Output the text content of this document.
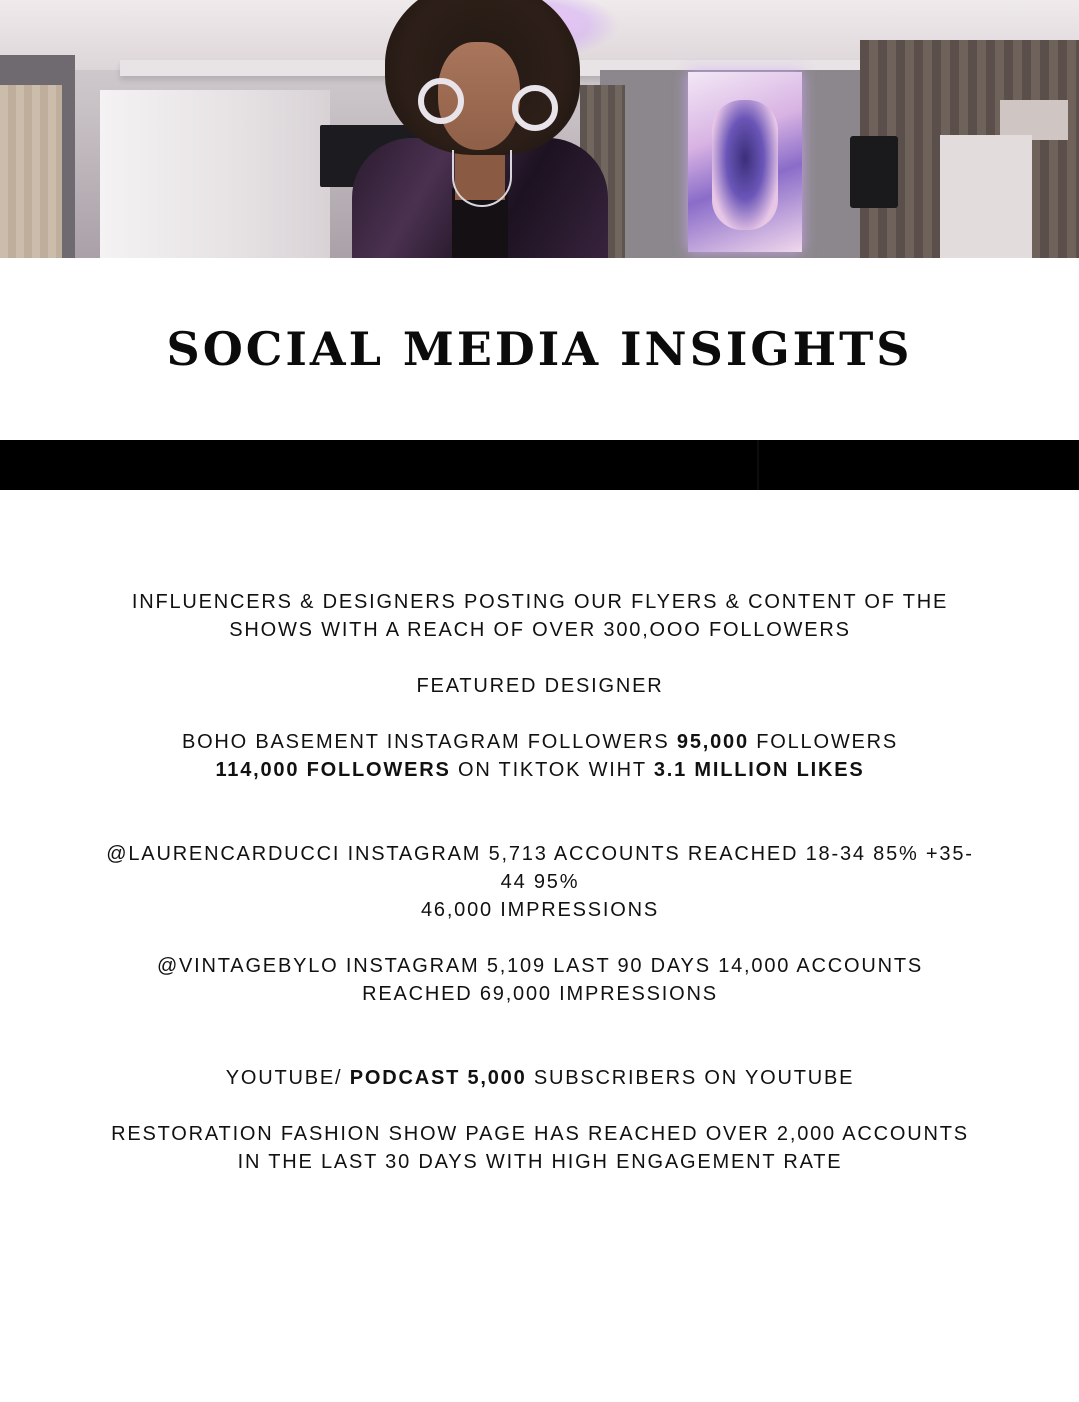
SOCIAL MEDIA INSIGHTS

INFLUENCERS & DESIGNERS POSTING OUR FLYERS & CONTENT OF THE
SHOWS WITH A REACH OF OVER 300,OOO FOLLOWERS

FEATURED DESIGNER

BOHO BASEMENT INSTAGRAM FOLLOWERS 95,000 FOLLOWERS
114,000 FOLLOWERS ON TIKTOK WIHT 3.1 MILLION LIKES

@LAURENCARDUCCI INSTAGRAM 5,713 ACCOUNTS REACHED 18-34 85% +35-
44 95%
46,000 IMPRESSIONS

@VINTAGEBYLO INSTAGRAM 5,109 LAST 90 DAYS 14,000 ACCOUNTS
REACHED 69,000 IMPRESSIONS

YOUTUBE/ PODCAST 5,000 SUBSCRIBERS ON YOUTUBE

RESTORATION FASHION SHOW PAGE HAS REACHED OVER 2,000 ACCOUNTS
IN THE LAST 30 DAYS WITH HIGH ENGAGEMENT RATE
